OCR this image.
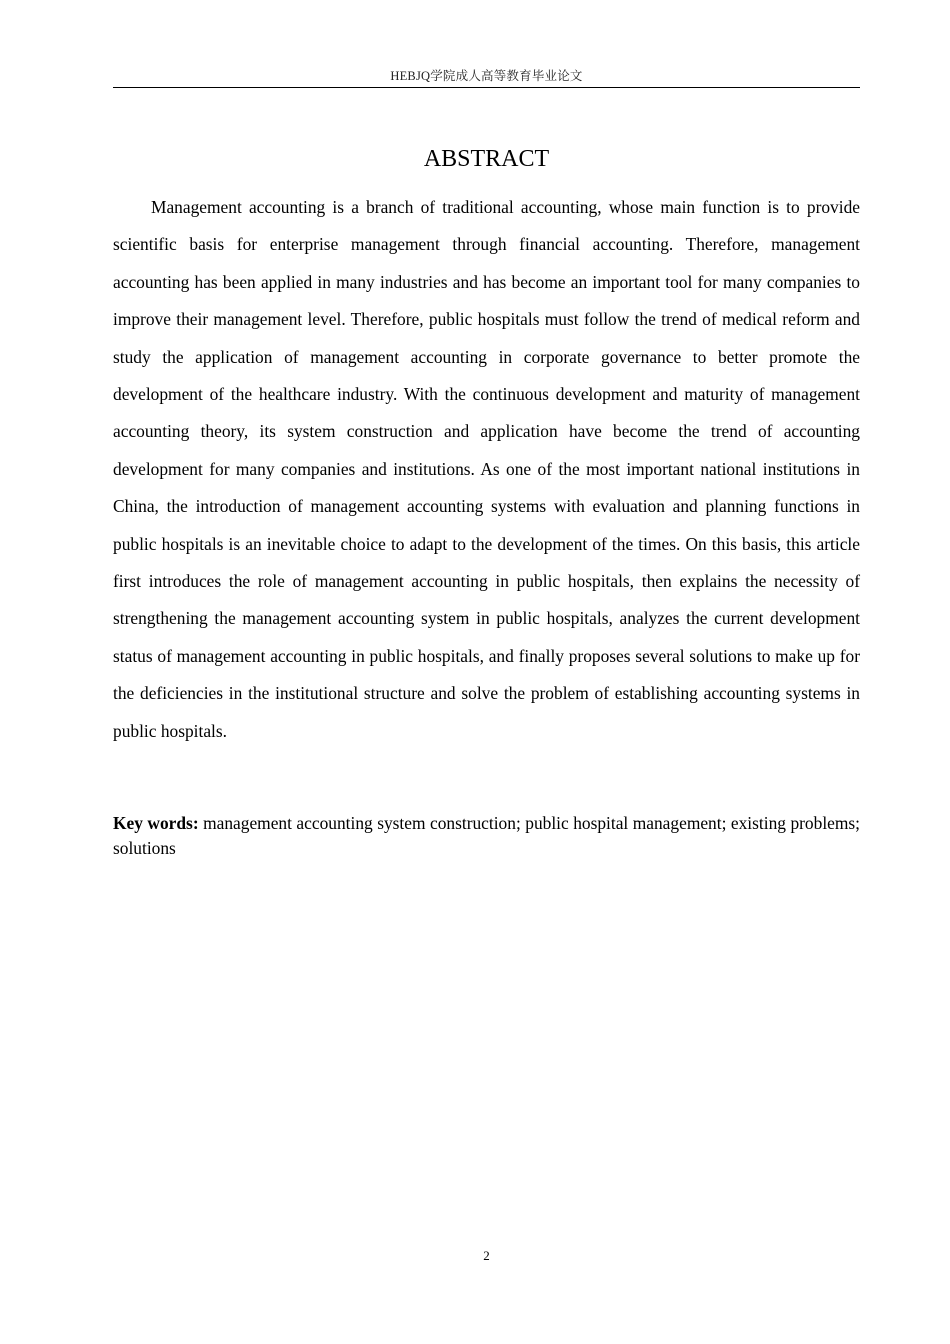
HEBJQ学院成人高等教育毕业论文
ABSTRACT

Management accounting is a branch of traditional accounting, whose main function is to provide scientific basis for enterprise management through financial accounting. Therefore, management accounting has been applied in many industries and has become an important tool for many companies to improve their management level. Therefore, public hospitals must follow the trend of medical reform and study the application of management accounting in corporate governance to better promote the development of the healthcare industry. With the continuous development and maturity of management accounting theory, its system construction and application have become the trend of accounting development for many companies and institutions. As one of the most important national institutions in China, the introduction of management accounting systems with evaluation and planning functions in public hospitals is an inevitable choice to adapt to the development of the times. On this basis, this article first introduces the role of management accounting in public hospitals, then explains the necessity of strengthening the management accounting system in public hospitals, analyzes the current development status of management accounting in public hospitals, and finally proposes several solutions to make up for the deficiencies in the institutional structure and solve the problem of establishing accounting systems in public hospitals.

Key words: management accounting system construction; public hospital management; existing problems; solutions

2
